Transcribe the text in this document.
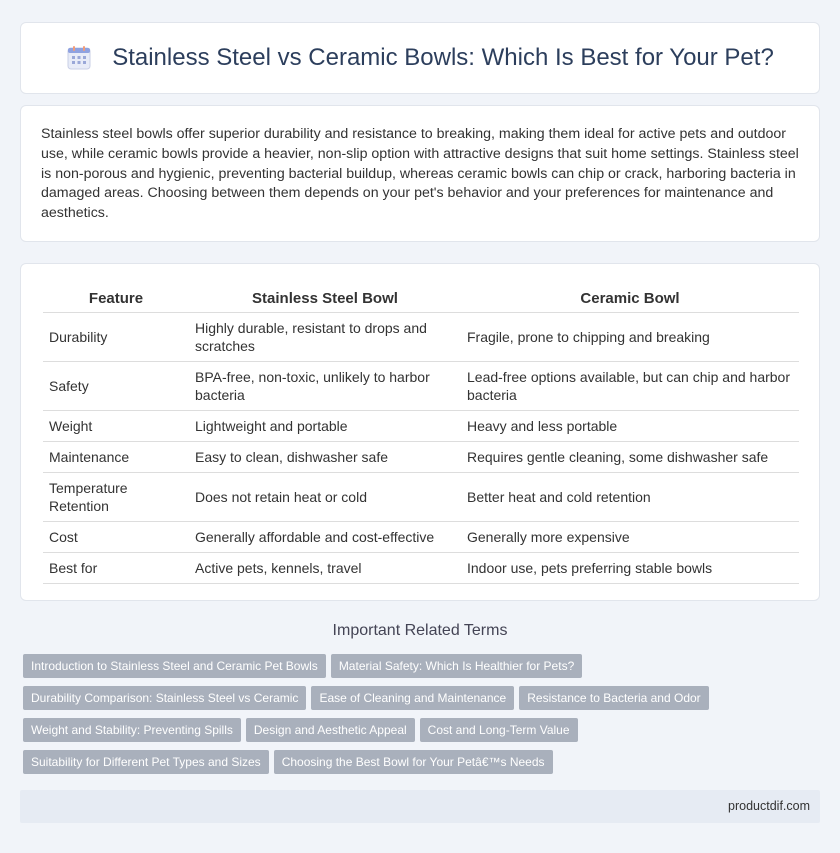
Stainless Steel vs Ceramic Bowls: Which Is Best for Your Pet?

Stainless steel bowls offer superior durability and resistance to breaking, making them ideal for active pets and outdoor use, while ceramic bowls provide a heavier, non-slip option with attractive designs that suit home settings. Stainless steel is non-porous and hygienic, preventing bacterial buildup, whereas ceramic bowls can chip or crack, harboring bacteria in damaged areas. Choosing between them depends on your pet's behavior and your preferences for maintenance and aesthetics.

Feature	Stainless Steel Bowl	Ceramic Bowl
Durability	Highly durable, resistant to drops and scratches	Fragile, prone to chipping and breaking
Safety	BPA-free, non-toxic, unlikely to harbor bacteria	Lead-free options available, but can chip and harbor bacteria
Weight	Lightweight and portable	Heavy and less portable
Maintenance	Easy to clean, dishwasher safe	Requires gentle cleaning, some dishwasher safe
Temperature Retention	Does not retain heat or cold	Better heat and cold retention
Cost	Generally affordable and cost-effective	Generally more expensive
Best for	Active pets, kennels, travel	Indoor use, pets preferring stable bowls
Important Related Terms
Introduction to Stainless Steel and Ceramic Pet Bowls Material Safety: Which Is Healthier for Pets?
Durability Comparison: Stainless Steel vs Ceramic Ease of Cleaning and Maintenance Resistance to Bacteria and Odor
Weight and Stability: Preventing Spills Design and Aesthetic Appeal Cost and Long-Term Value
Suitability for Different Pet Types and Sizes Choosing the Best Bowl for Your Petâ€™s Needs
productdif.com
